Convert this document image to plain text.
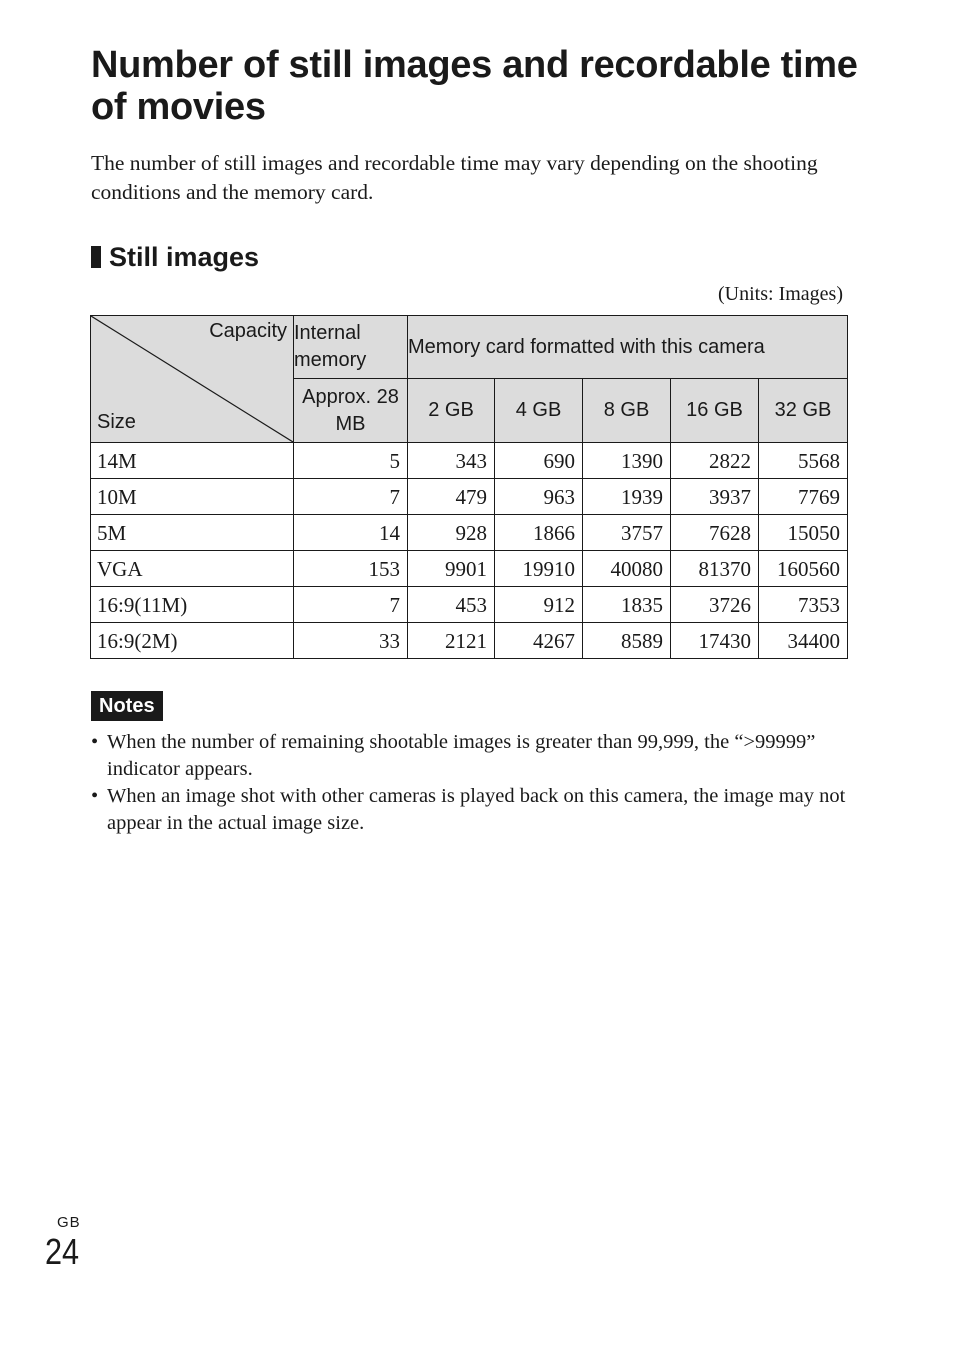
Number of still images and recordable time of movies

The number of still images and recordable time may vary depending on the shooting conditions and the memory card.

Still images
(Units: Images)
Capacity
Size	Internal memory	Memory card formatted with this camera				
	Approx. 28 MB	2 GB	4 GB	8 GB	16 GB	32 GB
14M	5	343	690	1390	2822	5568
10M	7	479	963	1939	3937	7769
5M	14	928	1866	3757	7628	15050
VGA	153	9901	19910	40080	81370	160560
16:9(11M)	7	453	912	1835	3726	7353
16:9(2M)	33	2121	4267	8589	17430	34400
Notes
• When the number of remaining shootable images is greater than 99,999, the “>99999” indicator appears.
• When an image shot with other cameras is played back on this camera, the image may not appear in the actual image size.
GB
24
